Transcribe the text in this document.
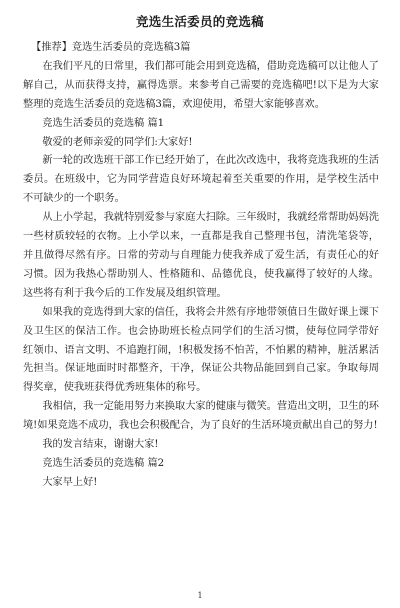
竞选生活委员的竞选稿

【推荐】竞选生活委员的竞选稿3篇

在我们平凡的日常里，我们都可能会用到竞选稿，借助竞选稿可以让他人了解自己，从而获得支持，赢得选票。来参考自己需要的竞选稿吧!以下是为大家整理的竞选生活委员的竞选稿3篇，欢迎使用，希望大家能够喜欢。

竞选生活委员的竞选稿 篇1

敬爱的老师亲爱的同学们:大家好!

新一轮的改选班干部工作已经开始了，在此次改选中，我将竞选我班的生活委员。在班级中，它为同学营造良好环境起着至关重要的作用，是学校生活中不可缺少的一个职务。

从上小学起，我就特别爱参与家庭大扫除。三年级时，我就经常帮助妈妈洗一些材质较轻的衣物。上小学以来，一直都是我自己整理书包，清洗笔袋等，并且做得尽然有序。日常的劳动与自理能力使我养成了爱生活，有责任心的好习惯。因为我热心帮助别人、性格随和、品德优良，使我赢得了较好的人缘。这些将有利于我今后的工作发展及组织管理。

如果我的竞选得到大家的信任，我将会井然有序地带领值日生做好课上课下及卫生区的保洁工作。也会协助班长检点同学们的生活习惯，使每位同学带好红领巾、语言文明、不追跑打闹，!积极发扬不怕苦，不怕累的精神，脏活累活先担当。保证地面时时都整齐，干净，保证公共物品能回到自己家。争取每周得奖章，使我班获得优秀班集体的称号。

我相信，我一定能用努力来换取大家的健康与微笑。营造出文明，卫生的环境!如果竞选不成功，我也会积极配合，为了良好的生活环境贡献出自己的努力!

我的发言结束，谢谢大家!

竞选生活委员的竞选稿 篇2

大家早上好!

1
